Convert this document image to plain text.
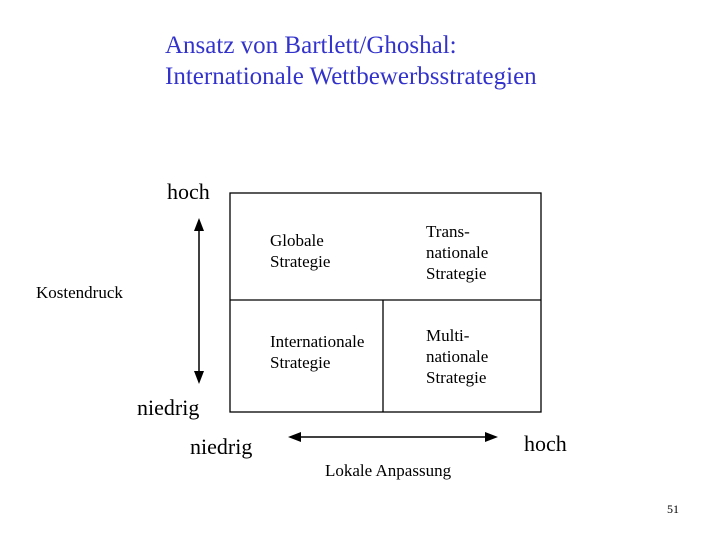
Ansatz von Bartlett/Ghoshal:
Internationale Wettbewerbsstrategien
hoch
Kostendruck
niedrig
niedrig	hoch
Lokale Anpassung
Globale
Strategie
Trans-
nationale
Strategie
Internationale
Strategie
Multi-
nationale
Strategie
51
